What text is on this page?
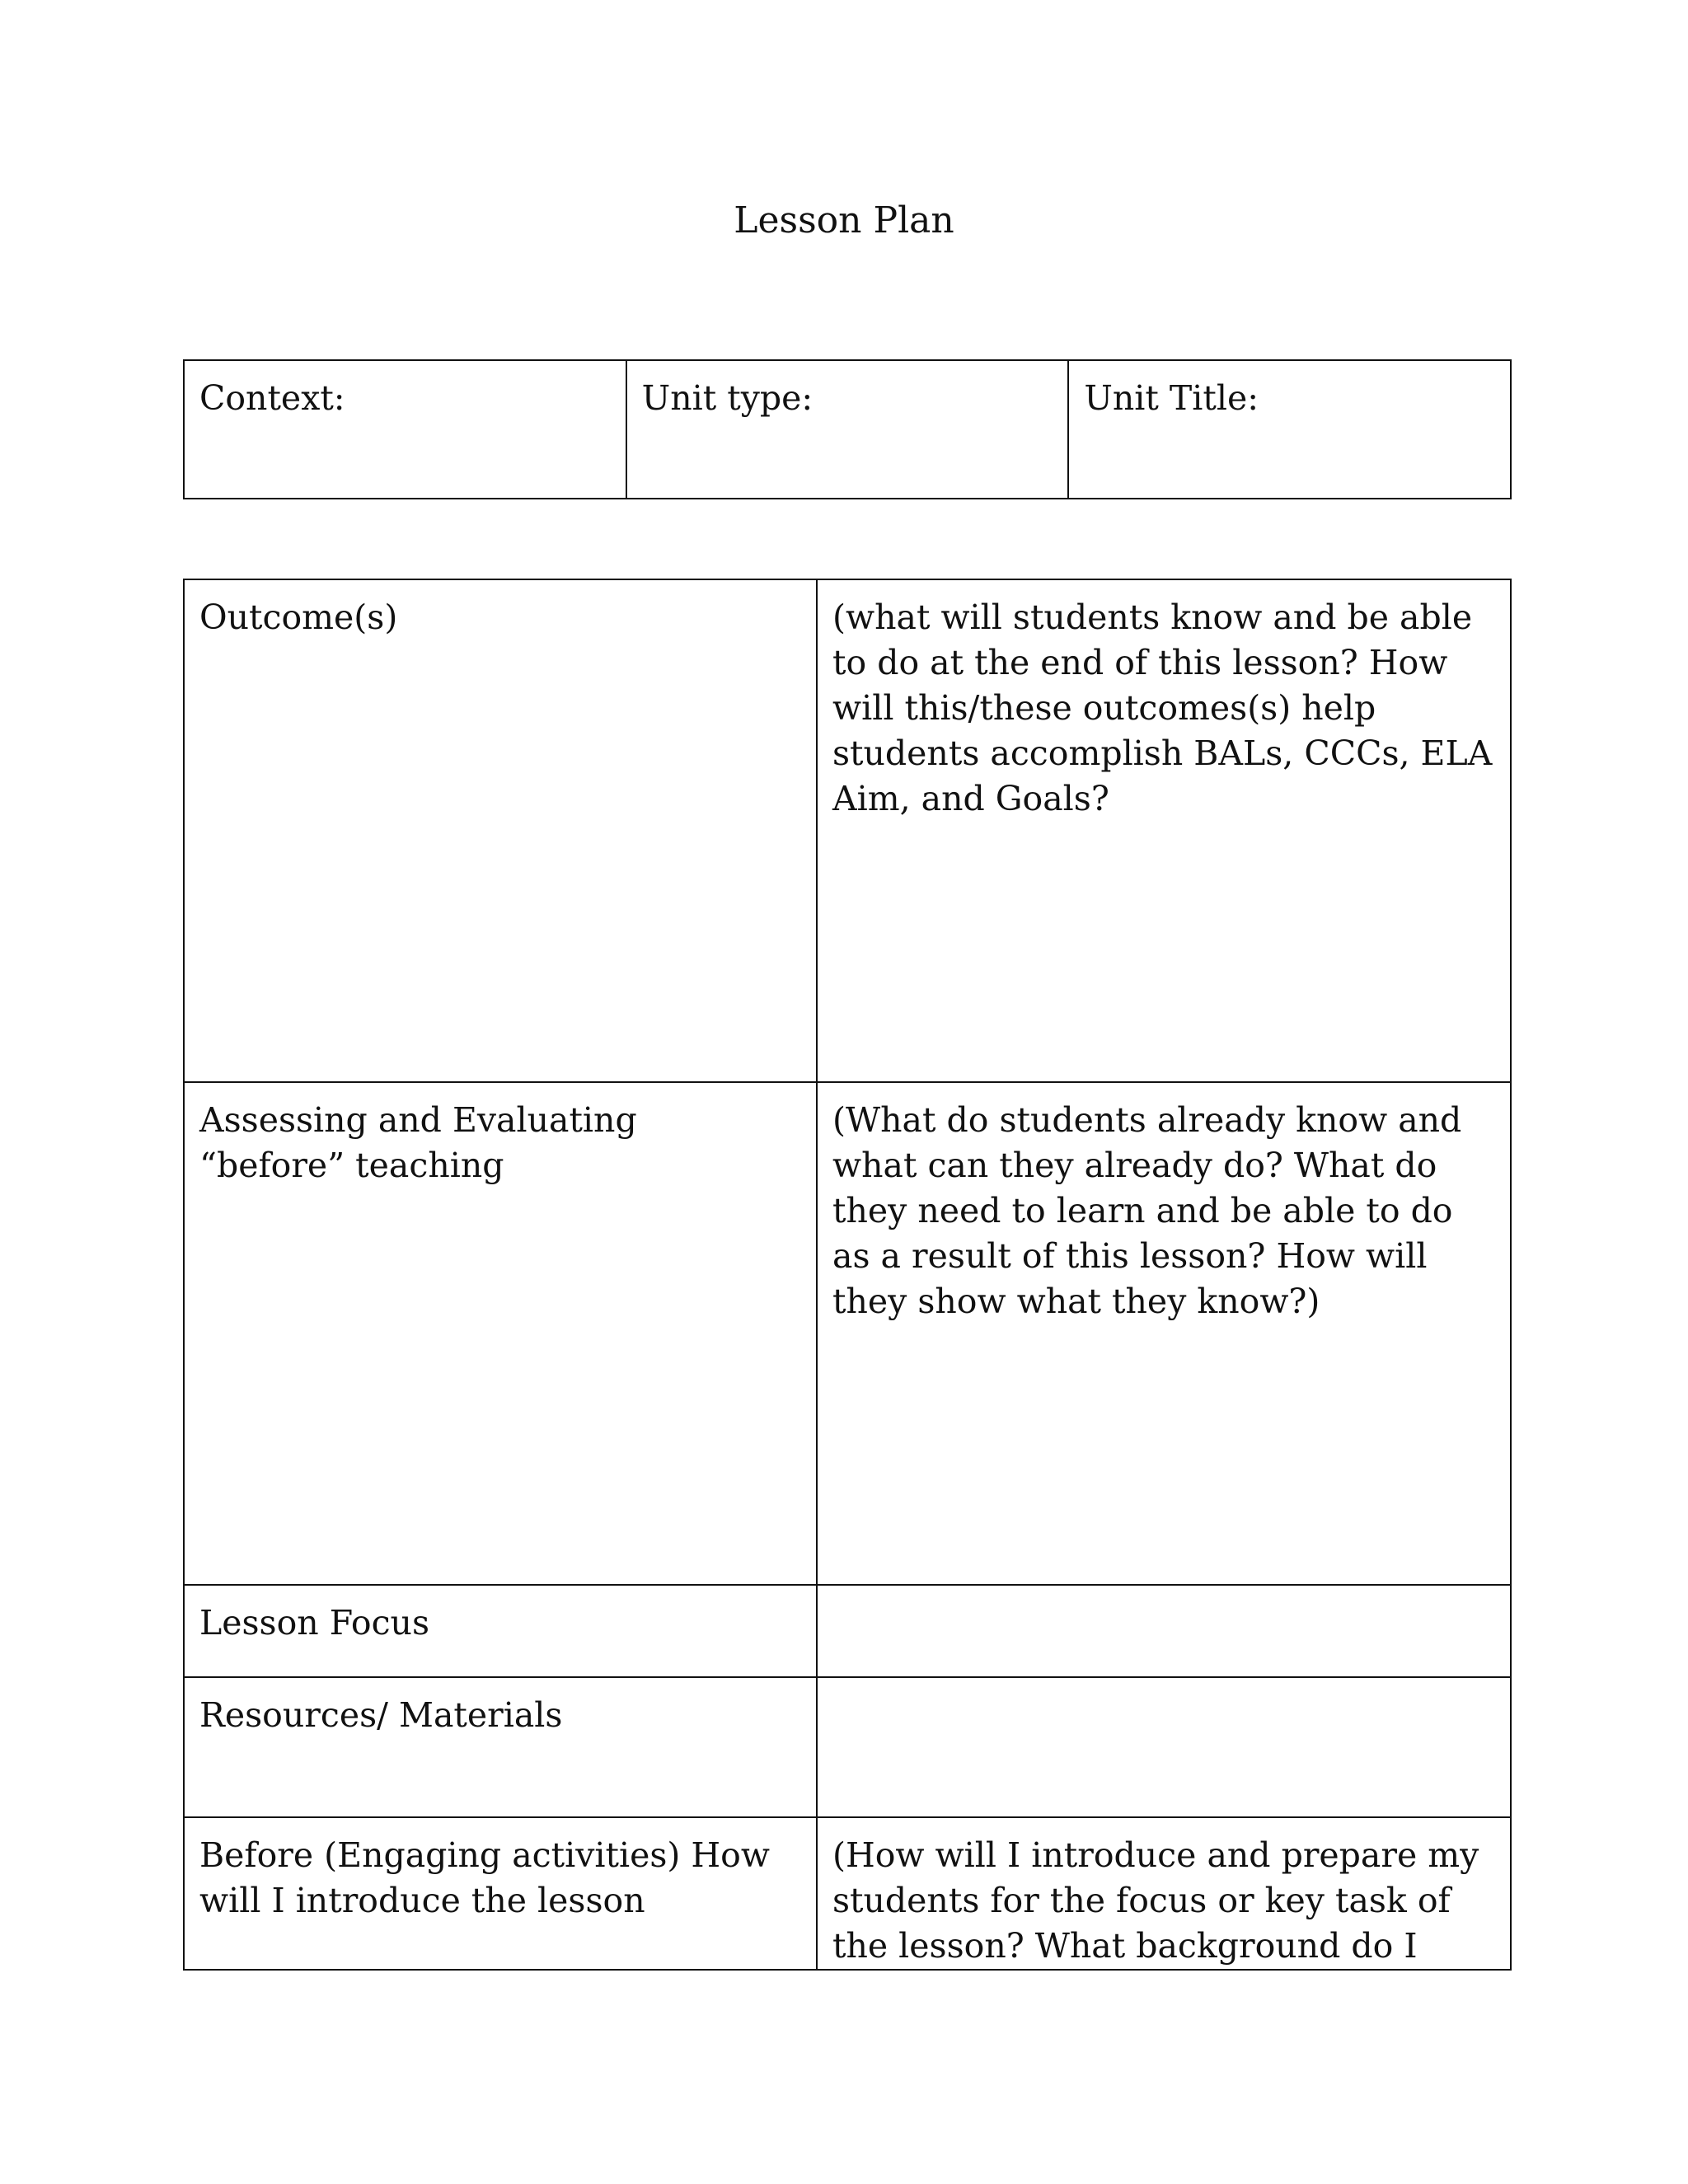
Lesson Plan
Context:	Unit type:	Unit Title:
Outcome(s)	(what will students know and be able to do at the end of this lesson? How will this/these outcomes(s) help students accomplish BALs, CCCs, ELA Aim, and Goals?

Assessing and Evaluating
“before” teaching	(What do students already know and what can they already do? What do they need to learn and be able to do as a result of this lesson? How will they show what they know?)
Lesson Focus	
Resources/ Materials	
Before (Engaging activities) How will I introduce the lesson	(How will I introduce and prepare my students for the focus or key task of the lesson? What background do I
